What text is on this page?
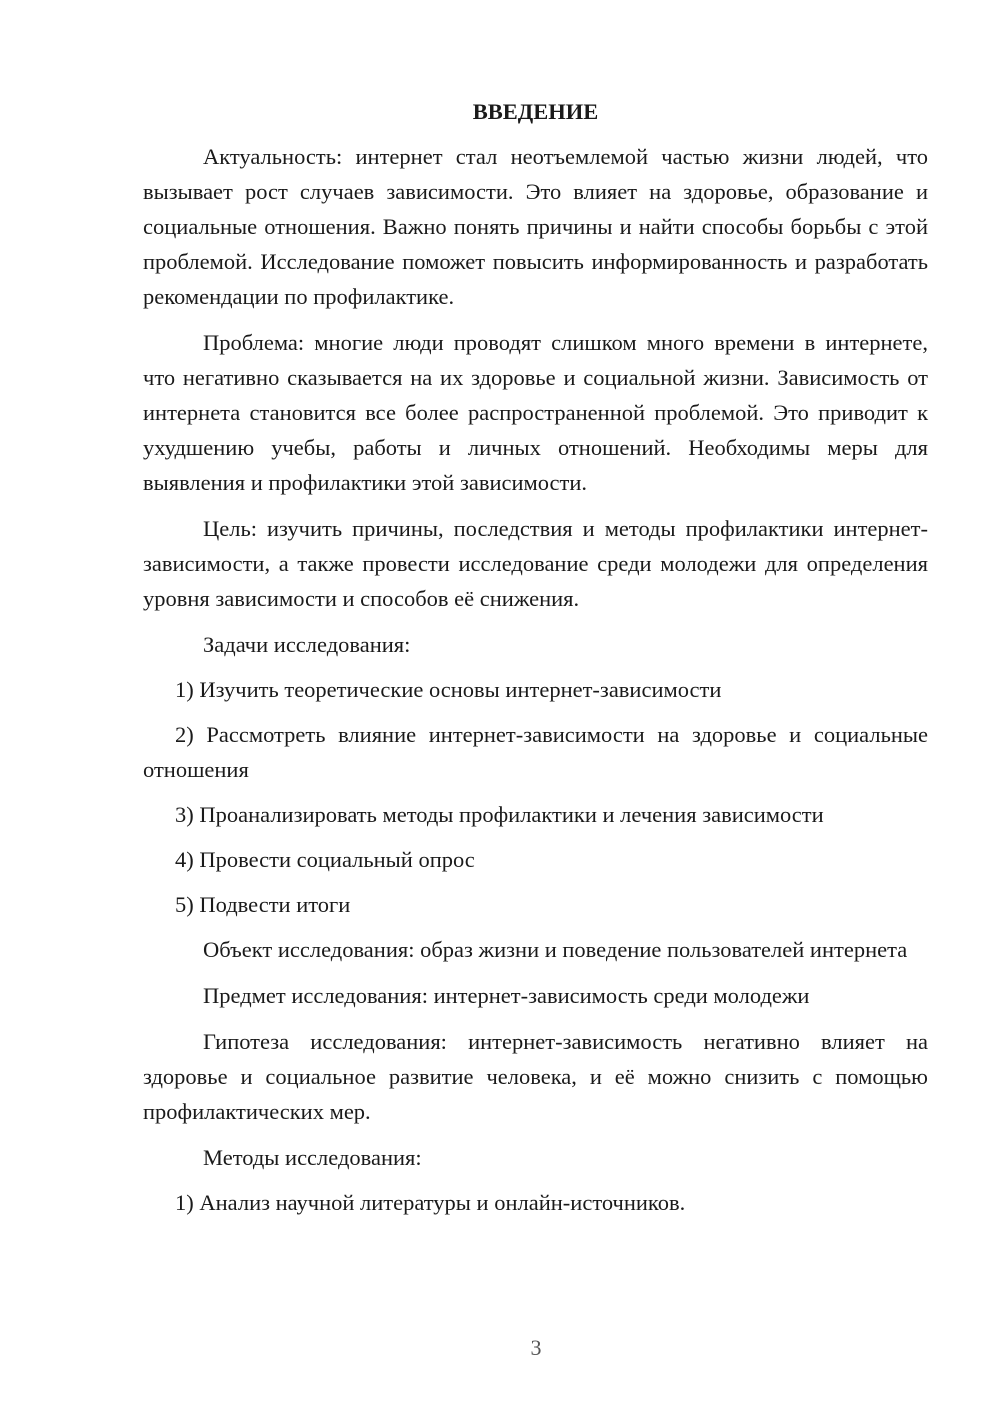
ВВЕДЕНИЕ

Актуальность: интернет стал неотъемлемой частью жизни людей, что вызывает рост случаев зависимости. Это влияет на здоровье, образование и социальные отношения. Важно понять причины и найти способы борьбы с этой проблемой. Исследование поможет повысить информированность и разработать рекомендации по профилактике.

Проблема: многие люди проводят слишком много времени в интернете, что негативно сказывается на их здоровье и социальной жизни. Зависимость от интернета становится все более распространенной проблемой. Это приводит к ухудшению учебы, работы и личных отношений. Необходимы меры для выявления и профилактики этой зависимости.

Цель: изучить причины, последствия и методы профилактики интернет-зависимости, а также провести исследование среди молодежи для определения уровня зависимости и способов её снижения.

Задачи исследования:

1) Изучить теоретические основы интернет-зависимости

2) Рассмотреть влияние интернет-зависимости на здоровье и социальные отношения

3) Проанализировать методы профилактики и лечения зависимости

4) Провести социальный опрос

5) Подвести итоги

Объект исследования: образ жизни и поведение пользователей интернета

Предмет исследования: интернет-зависимость среди молодежи

Гипотеза исследования: интернет-зависимость негативно влияет на здоровье и социальное развитие человека, и её можно снизить с помощью профилактических мер.

Методы исследования:

1) Анализ научной литературы и онлайн-источников.

3
